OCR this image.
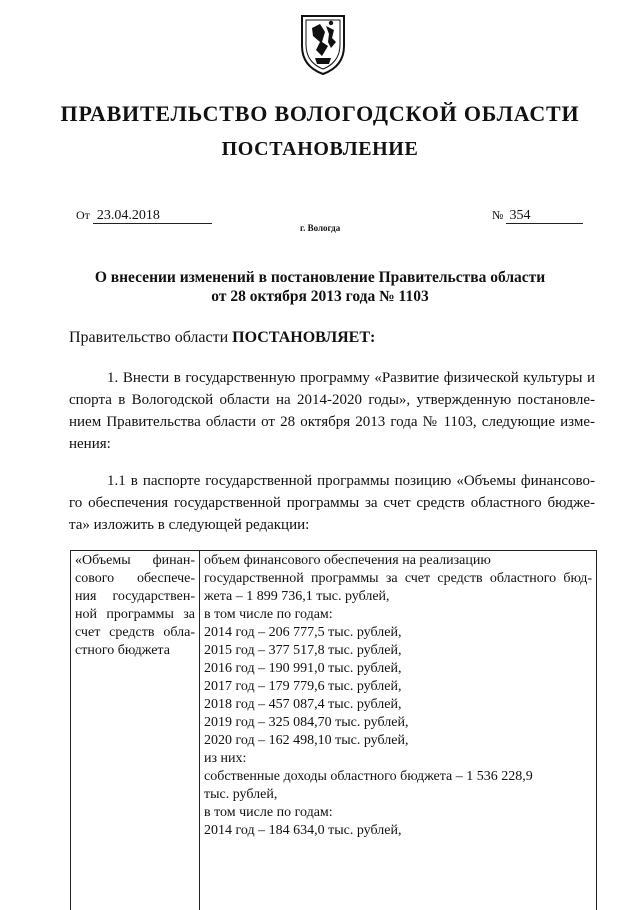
ПРАВИТЕЛЬСТВО ВОЛОГОДСКОЙ ОБЛАСТИ
ПОСТАНОВЛЕНИЕ
От 23.04.2018	№ 354
г. Вологда
О внесении изменений в постановление Правительства области
от 28 октября 2013 года № 1103
Правительство области ПОСТАНОВЛЯЕТ:
1. Внести в государственную программу «Развитие физической культуры и
спорта в Вологодской области на 2014-2020 годы», утвержденную постановле-
нием Правительства области от 28 октября 2013 года № 1103, следующие изме-
нения:
1.1 в паспорте государственной программы позицию «Объемы финансово-
го обеспечения государственной программы за счет средств областного бюдже-
та» изложить в следующей редакции:
«Объемы финан-
сового обеспече-
ния государствен-
ной программы за
счет средств обла-
стного бюджета
объем финансового обеспечения на реализацию
государственной программы за счет средств областного бюд-
жета – 1 899 736,1 тыс. рублей,
в том числе по годам:
2014 год – 206 777,5 тыс. рублей,
2015 год – 377 517,8 тыс. рублей,
2016 год – 190 991,0 тыс. рублей,
2017 год – 179 779,6 тыс. рублей,
2018 год – 457 087,4 тыс. рублей,
2019 год – 325 084,70 тыс. рублей,
2020 год – 162 498,10 тыс. рублей,
из них:
собственные доходы областного бюджета – 1 536 228,9
тыс. рублей,
в том числе по годам:
2014 год – 184 634,0 тыс. рублей,
